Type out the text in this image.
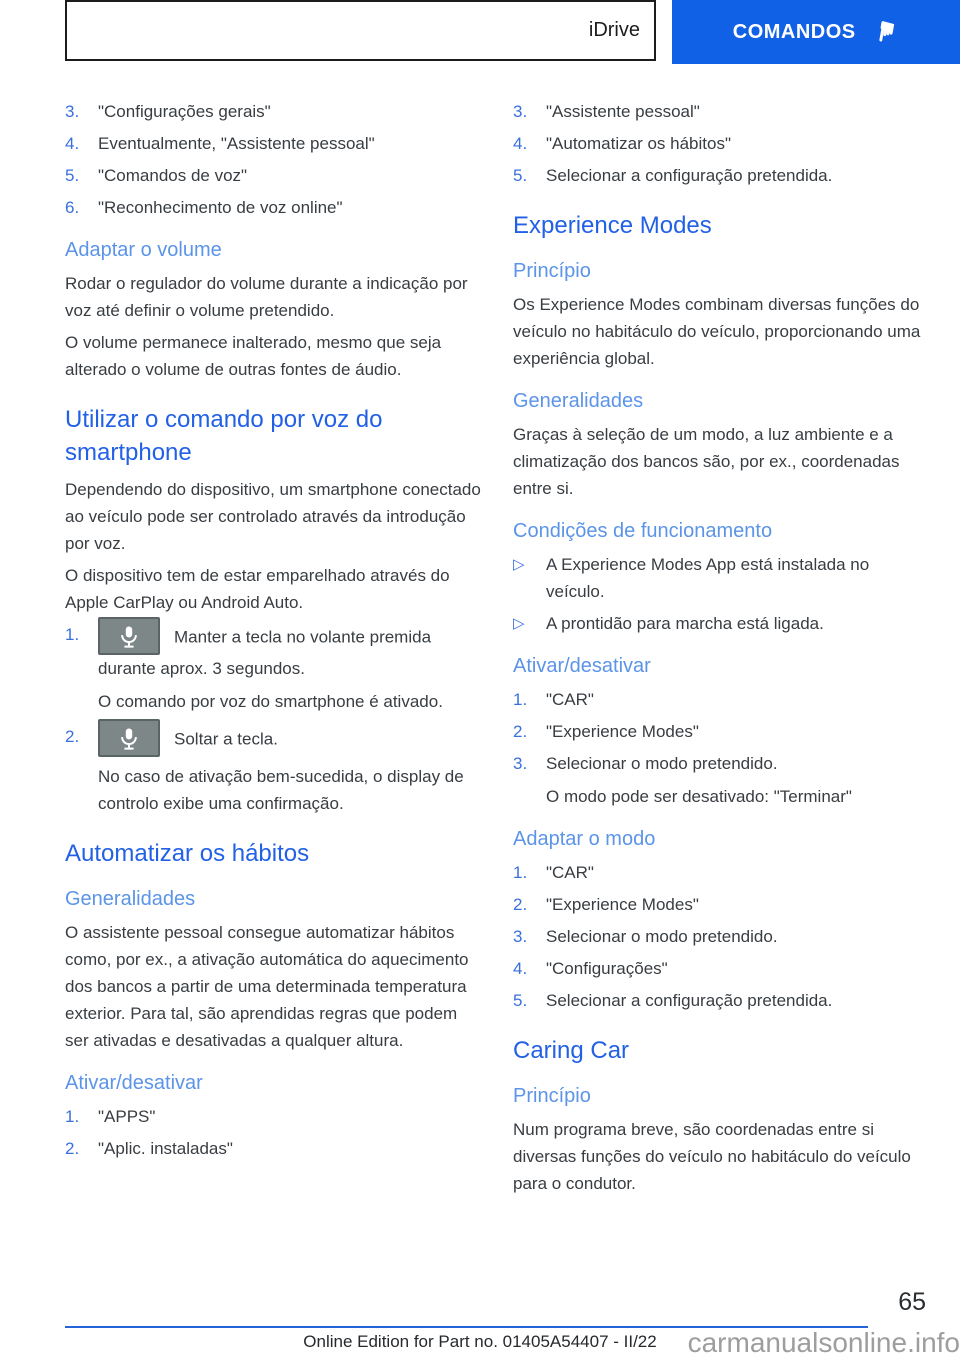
iDrive	COMANDOS ☚
3. "Configurações gerais"
4. Eventualmente, "Assistente pessoal"
5. "Comandos de voz"
6. "Reconhecimento de voz online"
Adaptar o volume

Rodar o regulador do volume durante a indicação por voz até definir o volume pretendido.

O volume permanece inalterado, mesmo que seja alterado o volume de outras fontes de áudio.

Utilizar o comando por voz do smartphone

Dependendo do dispositivo, um smartphone conectado ao veículo pode ser controlado através da introdução por voz.

O dispositivo tem de estar emparelhado através do Apple CarPlay ou Android Auto.

1.	Manter a tecla no volante premida durante aprox. 3 segundos.
O comando por voz do smartphone é ativado.
2.	Soltar a tecla.
No caso de ativação bem-sucedida, o display de controlo exibe uma confirmação.
Automatizar os hábitos
Generalidades

O assistente pessoal consegue automatizar hábitos como, por ex., a ativação automática do aquecimento dos bancos a partir de uma determinada temperatura exterior. Para tal, são aprendidas regras que podem ser ativadas e desativadas a qualquer altura.

Ativar/desativar
1. "APPS"
2. "Aplic. instaladas"
3. "Assistente pessoal"
4. "Automatizar os hábitos"
5. Selecionar a configuração pretendida.
Experience Modes
Princípio

Os Experience Modes combinam diversas funções do veículo no habitáculo do veículo, proporcionando uma experiência global.

Generalidades

Graças à seleção de um modo, a luz ambiente e a climatização dos bancos são, por ex., coordenadas entre si.

Condições de funcionamento
▷ A Experience Modes App está instalada no veículo.
▷ A prontidão para marcha está ligada.
Ativar/desativar
1. "CAR"
2. "Experience Modes"
3. Selecionar o modo pretendido.
O modo pode ser desativado: "Terminar"
Adaptar o modo
1. "CAR"
2. "Experience Modes"
3. Selecionar o modo pretendido.
4. "Configurações"
5. Selecionar a configuração pretendida.
Caring Car
Princípio

Num programa breve, são coordenadas entre si diversas funções do veículo no habitáculo do veículo para o condutor.

65
Online Edition for Part no. 01405A54407 - II/22	carmanualsonline.info
